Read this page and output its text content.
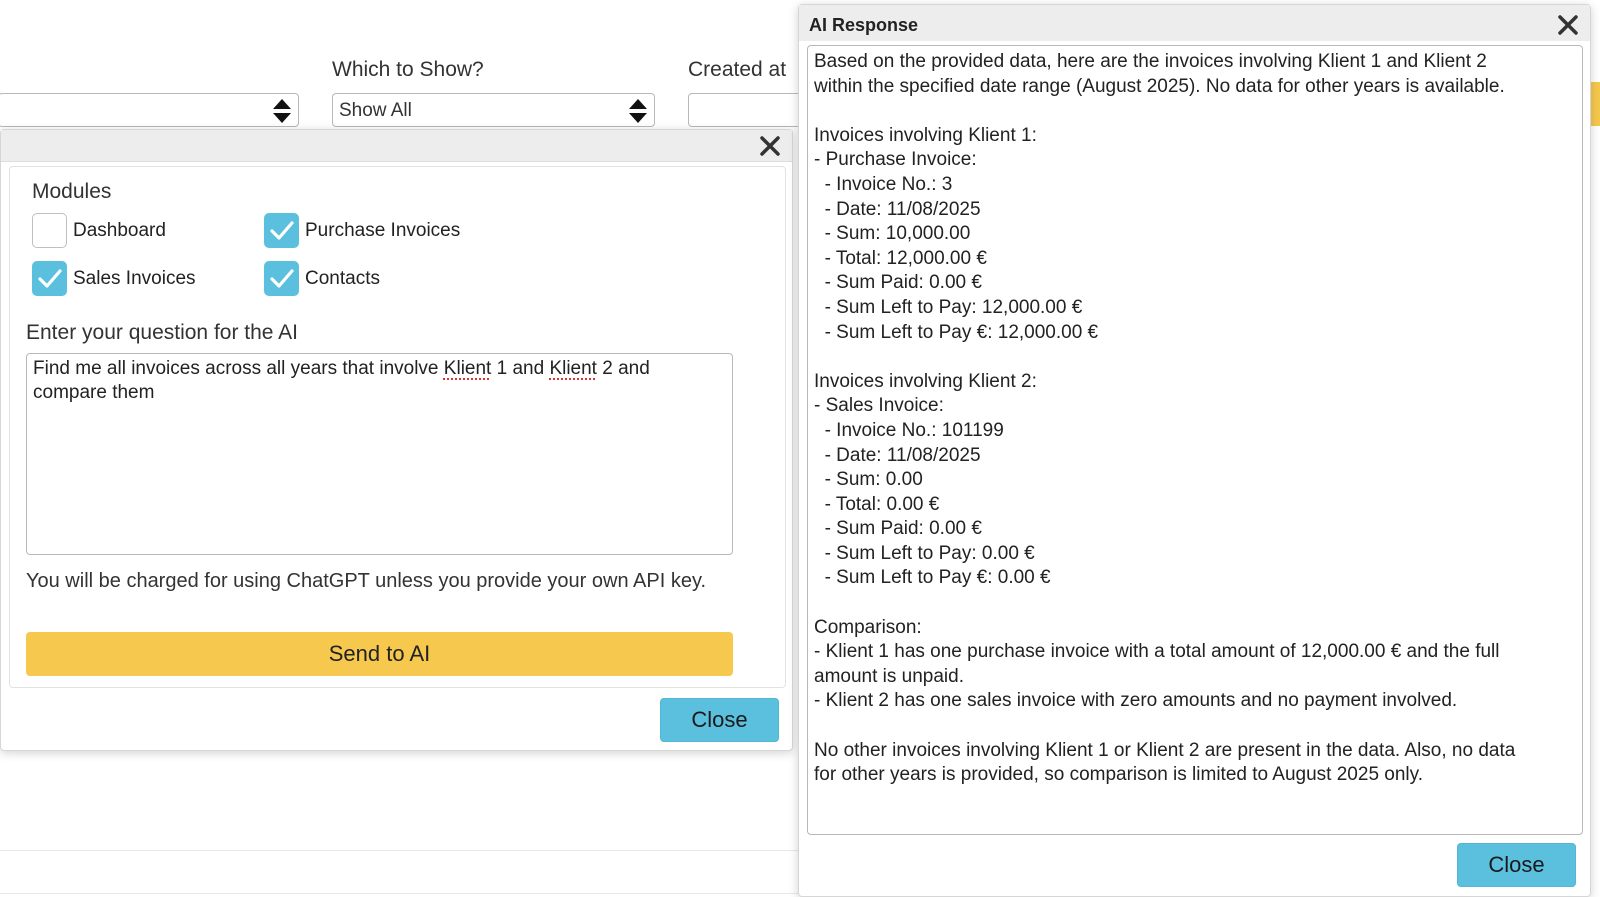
Which to Show?
Show All
Created at
Modules
Dashboard	Purchase Invoices
Sales Invoices	Contacts
Enter your question for the AI
Find me all invoices across all years that involve Klient 1 and Klient 2 and compare them
You will be charged for using ChatGPT unless you provide your own API key.
Send to AI
Close
AI Response
Based on the provided data, here are the invoices involving Klient 1 and Klient 2
within the specified date range (August 2025). No data for other years is available.

Invoices involving Klient 1:
- Purchase Invoice:
- Invoice No.: 3
- Date: 11/08/2025
- Sum: 10,000.00
- Total: 12,000.00 €
- Sum Paid: 0.00 €
- Sum Left to Pay: 12,000.00 €
- Sum Left to Pay €: 12,000.00 €

Invoices involving Klient 2:
- Sales Invoice:
- Invoice No.: 101199
- Date: 11/08/2025
- Sum: 0.00
- Total: 0.00 €
- Sum Paid: 0.00 €
- Sum Left to Pay: 0.00 €
- Sum Left to Pay €: 0.00 €

Comparison:
- Klient 1 has one purchase invoice with a total amount of 12,000.00 € and the full
amount is unpaid.
- Klient 2 has one sales invoice with zero amounts and no payment involved.

No other invoices involving Klient 1 or Klient 2 are present in the data. Also, no data
for other years is provided, so comparison is limited to August 2025 only.
Close
